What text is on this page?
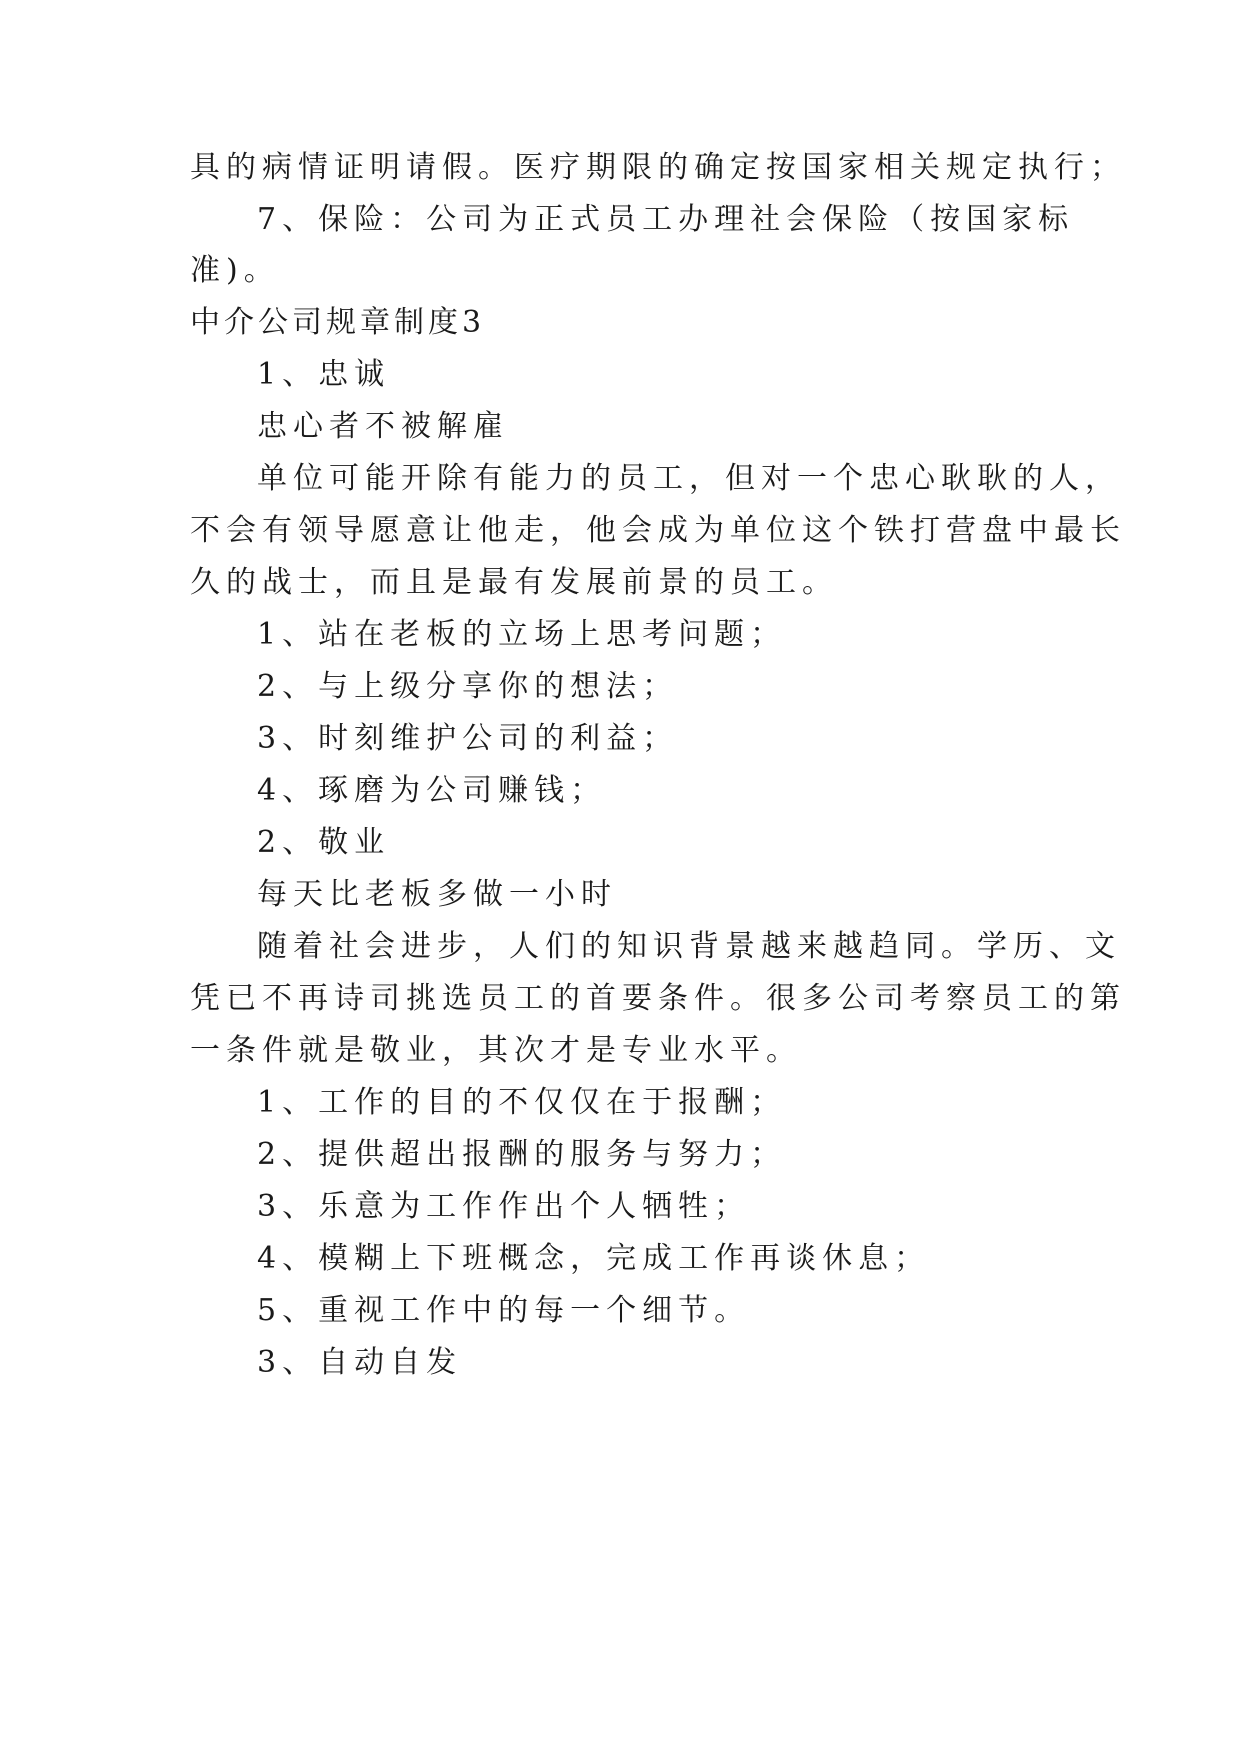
具的病情证明请假。医疗期限的确定按国家相关规定执行；
7、保险：公司为正式员工办理社会保险（按国家标
准)。
中介公司规章制度3
1、忠诚
忠心者不被解雇
单位可能开除有能力的员工，但对一个忠心耿耿的人，
不会有领导愿意让他走，他会成为单位这个铁打营盘中最长
久的战士，而且是最有发展前景的员工。
1、站在老板的立场上思考问题；
2、与上级分享你的想法；
3、时刻维护公司的利益；
4、琢磨为公司赚钱；
2、敬业
每天比老板多做一小时
随着社会进步，人们的知识背景越来越趋同。学历、文
凭已不再诗司挑选员工的首要条件。很多公司考察员工的第
一条件就是敬业，其次才是专业水平。
1、工作的目的不仅仅在于报酬；
2、提供超出报酬的服务与努力；
3、乐意为工作作出个人牺牲；
4、模糊上下班概念，完成工作再谈休息；
5、重视工作中的每一个细节。
3、自动自发
